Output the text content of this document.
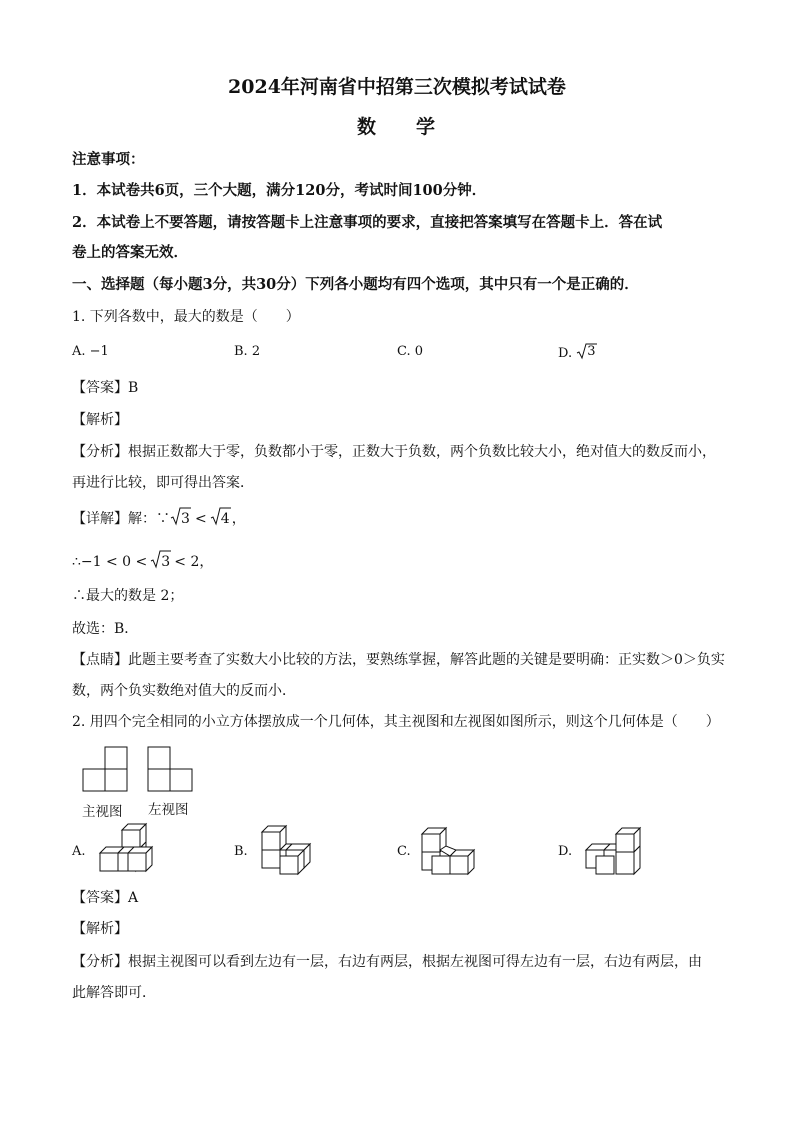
2024年河南省中招第三次模拟考试试卷
数 学
注意事项：
1．本试卷共6页，三个大题，满分120分，考试时间100分钟．
2．本试卷上不要答题，请按答题卡上注意事项的要求，直接把答案填写在答题卡上．答在试
卷上的答案无效．
一、选择题（每小题3分，共30分）下列各小题均有四个选项，其中只有一个是正确的．
1. 下列各数中，最大的数是（　　）
A. −1	B. 2	C. 0	D. 3
【答案】B
【解析】
【分析】根据正数都大于零，负数都小于零，正数大于负数，两个负数比较大小，绝对值大的数反而小，
再进行比较，即可得出答案．
【详解】解：∵ 3 < 4 ，
∴−1 < 0 < 3 < 2，
∴最大的数是 2；
故选：B．
【点睛】此题主要考查了实数大小比较的方法，要熟练掌握，解答此题的关键是要明确：正实数＞0＞负实
数，两个负实数绝对值大的反而小．
2. 用四个完全相同的小立方体摆放成一个几何体，其主视图和左视图如图所示，则这个几何体是（　　）
主视图 左视图
A.	B.	C.	D.
【答案】A
【解析】
【分析】根据主视图可以看到左边有一层，右边有两层，根据左视图可得左边有一层，右边有两层，由
此解答即可．
